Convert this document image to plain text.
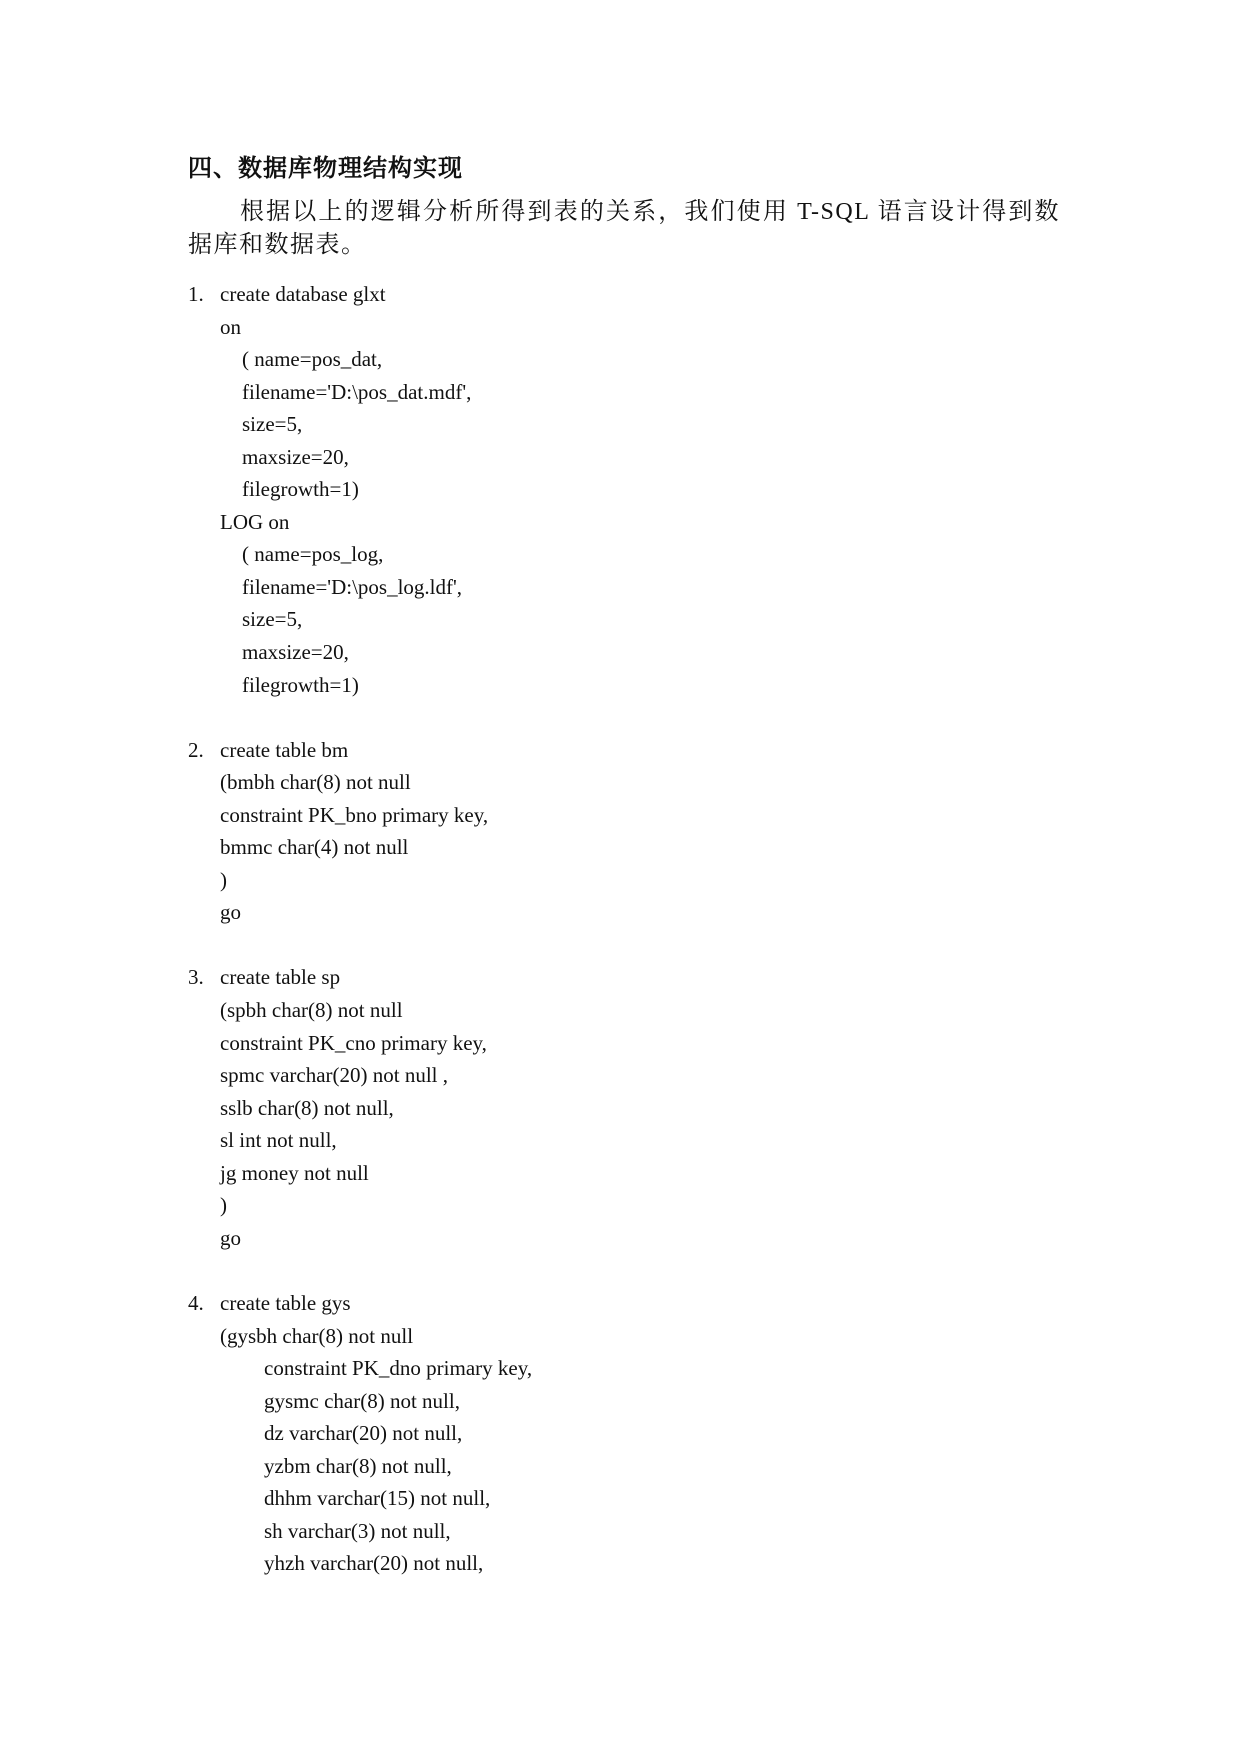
四、数据库物理结构实现
根据以上的逻辑分析所得到表的关系，我们使用 T-SQL 语言设计得到数据库和数据表。
1. create database glxt
on
( name=pos_dat,
filename='D:\pos_dat.mdf',
size=5,
maxsize=20,
filegrowth=1)
LOG on
( name=pos_log,
filename='D:\pos_log.ldf',
size=5,
maxsize=20,
filegrowth=1)
2. create table bm
(bmbh char(8) not null
constraint PK_bno primary key,
bmmc char(4) not null
)
go
3. create table sp
(spbh char(8) not null
constraint PK_cno primary key,
spmc varchar(20) not null ,
sslb char(8) not null,
sl int not null,
jg money not null
)
go
4. create table gys
(gysbh char(8) not null
constraint PK_dno primary key,
gysmc char(8) not null,
dz varchar(20) not null,
yzbm char(8) not null,
dhhm varchar(15) not null,
sh varchar(3) not null,
yhzh varchar(20) not null,
